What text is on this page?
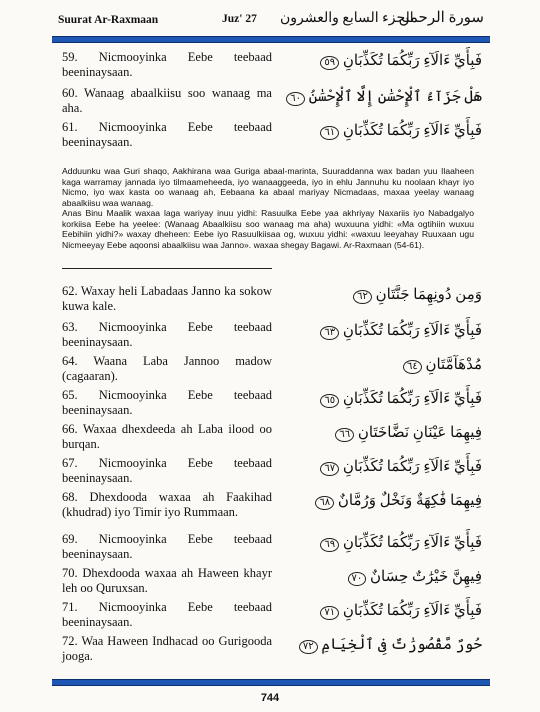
Suurat Ar-Raxmaan	Juz' 27 الجزء السابع والعشرون
سورة الرحمن
59. Nicmooyinka Eebe teebaad beeninaysaan.
فَبِأَيِّ ءَالَآءِ رَبِّكُمَا تُكَذِّبَانِ ٥٩
60. Wanaag abaalkiisu soo wanaag ma aha.
هَلْ جَزَآءُ ٱلْإِحْسَٰنِ إِلَّا ٱلْإِحْسَٰنُ ٦٠
61. Nicmooyinka Eebe teebaad beeninaysaan.
فَبِأَيِّ ءَالَآءِ رَبِّكُمَا تُكَذِّبَانِ ٦١

Adduunku waa Guri shaqo, Aakhirana waa Guriga abaal-marinta, Suuraddanna wax badan yuu Ilaaheen kaga warramay jannada iyo tilmaameheeda, iyo wanaaggeeda, iyo in ehlu Jannuhu ku noolaan khayr iyo Nicmo, iyo wax kasta oo wanaag ah, Eebaana ka abaal mariyay Nicmadaas, maxaa yeelay wanaag abaalkiisu waa wanaag.

Anas Binu Maalik waxaa laga wariyay inuu yidhi: Rasuulka Eebe yaa akhriyay Naxariis iyo Nabadgalyo korkiisa Eebe ha yeelee: (Wanaag Abaalkiisu soo wanaag ma aha) wuxuuna yidhi: «Ma ogtihiin wuxuu Eebihiin yidhi?» waxay dheheen: Eebe iyo Rasuulkiisaa og, wuxuu yidhi: «waxuu leeyahay Ruuxaan ugu Nicmeeyay Eebe aqoonsi abaalkiisu waa Janno». waxaa shegay Bagawi. Ar-Raxmaan (54-61).

62. Waxay heli Labadaas Janno ka sokow kuwa kale.
وَمِن دُونِهِمَا جَنَّتَانِ ٦٢
63. Nicmooyinka Eebe teebaad beeninaysaan.
فَبِأَيِّ ءَالَآءِ رَبِّكُمَا تُكَذِّبَانِ ٦٣
64. Waana Laba Jannoo madow (cagaaran).
مُدْهَآمَّتَانِ ٦٤
65. Nicmooyinka Eebe teebaad beeninaysaan.
فَبِأَيِّ ءَالَآءِ رَبِّكُمَا تُكَذِّبَانِ ٦٥
66. Waxaa dhexdeeda ah Laba ilood oo burqan.
فِيهِمَا عَيْنَانِ نَضَّاخَتَانِ ٦٦
67. Nicmooyinka Eebe teebaad beeninaysaan.
فَبِأَيِّ ءَالَآءِ رَبِّكُمَا تُكَذِّبَانِ ٦٧
68. Dhexdooda waxaa ah Faakihad (khudrad) iyo Timir iyo Rummaan.
فِيهِمَا فَٰكِهَةٌ وَنَخْلٌ وَرُمَّانٌ ٦٨
69. Nicmooyinka Eebe teebaad beeninaysaan.
فَبِأَيِّ ءَالَآءِ رَبِّكُمَا تُكَذِّبَانِ ٦٩
70. Dhexdooda waxaa ah Haween khayr leh oo Quruxsan.
فِيهِنَّ خَيْرَٰتٌ حِسَانٌ ٧٠
71. Nicmooyinka Eebe teebaad beeninaysaan.
فَبِأَيِّ ءَالَآءِ رَبِّكُمَا تُكَذِّبَانِ ٧١
72. Waa Haween Indhacad oo Gurigooda jooga.
حُورٌ مَّقْصُورَٰتٌ فِى ٱلْخِيَامِ ٧٢
744
